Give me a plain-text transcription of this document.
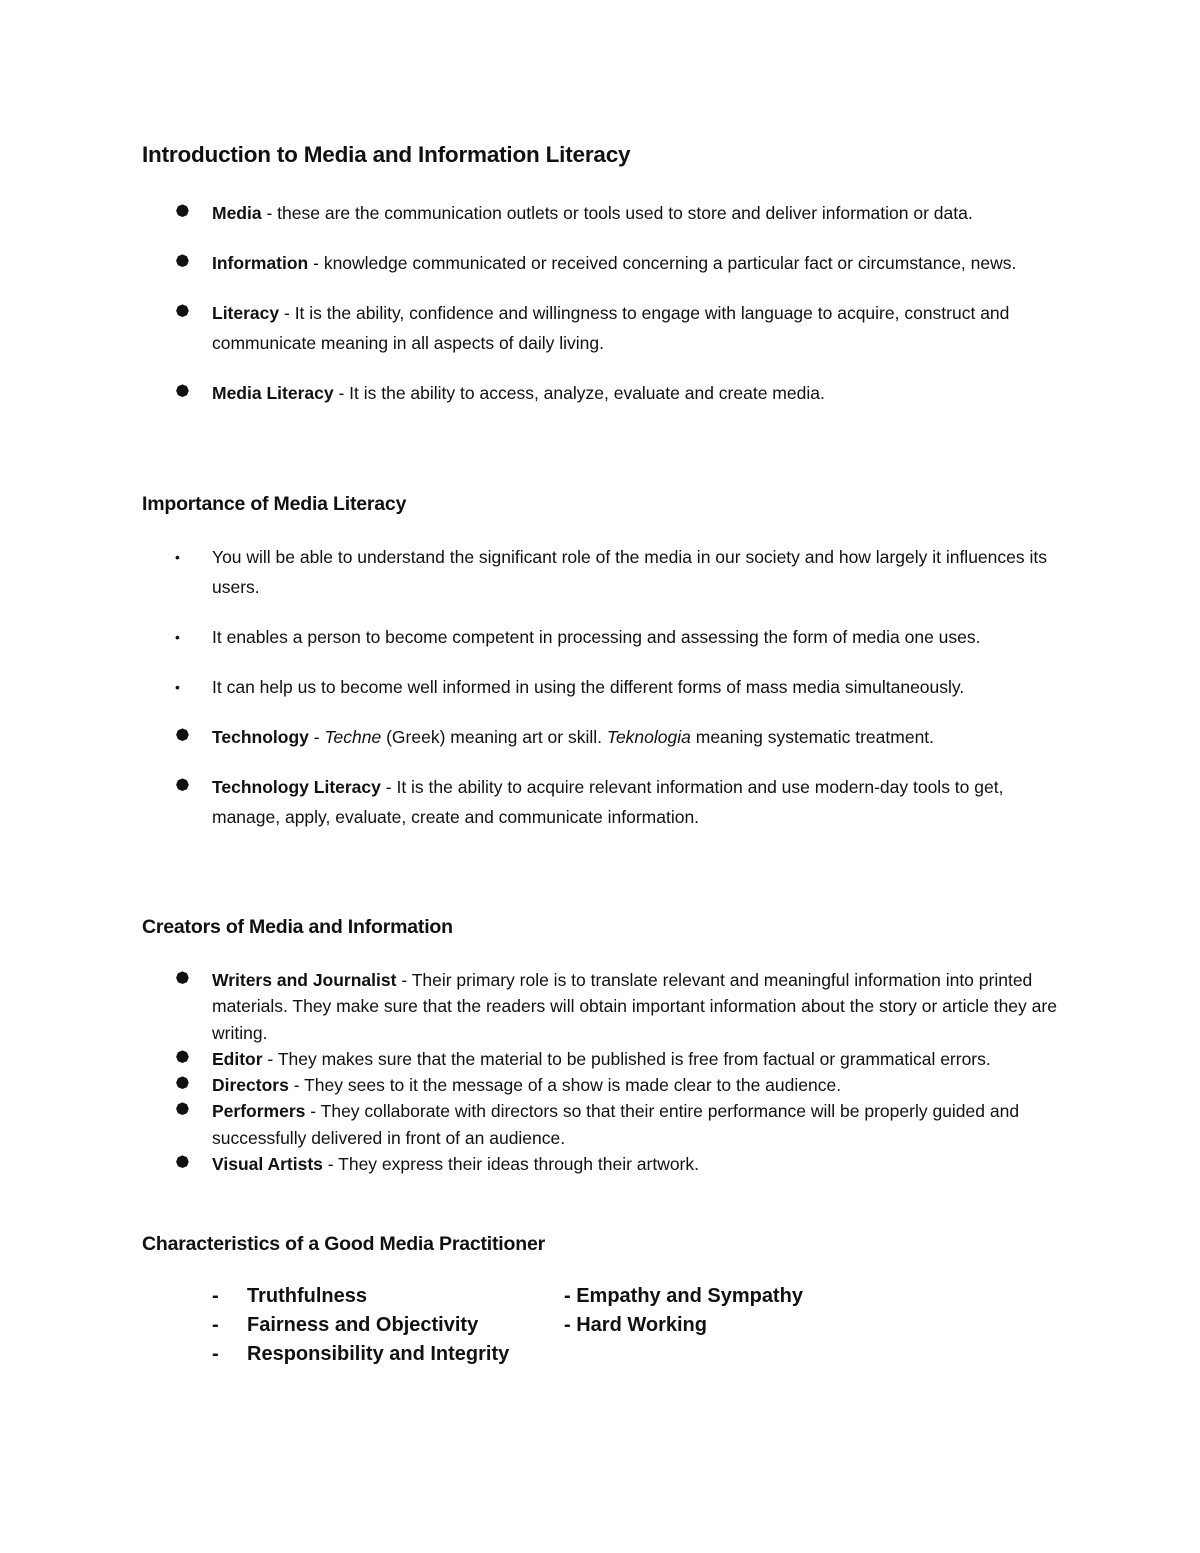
Introduction to Media and Information Literacy
⯄ Media - these are the communication outlets or tools used to store and deliver information or data.
⯄ Information - knowledge communicated or received concerning a particular fact or circumstance, news.
⯄ Literacy - It is the ability, confidence and willingness to engage with language to acquire, construct and communicate meaning in all aspects of daily living.
⯄ Media Literacy - It is the ability to access, analyze, evaluate and create media.
Importance of Media Literacy
• You will be able to understand the significant role of the media in our society and how largely it influences its users.
• It enables a person to become competent in processing and assessing the form of media one uses.
• It can help us to become well informed in using the different forms of mass media simultaneously.
⯄ Technology - Techne (Greek) meaning art or skill. Teknologia meaning systematic treatment.
⯄ Technology Literacy - It is the ability to acquire relevant information and use modern-day tools to get, manage, apply, evaluate, create and communicate information.
Creators of Media and Information
⯄ Writers and Journalist - Their primary role is to translate relevant and meaningful information into printed materials. They make sure that the readers will obtain important information about the story or article they are writing.
⯄ Editor - They makes sure that the material to be published is free from factual or grammatical errors.
⯄ Directors - They sees to it the message of a show is made clear to the audience.
⯄ Performers - They collaborate with directors so that their entire performance will be properly guided and successfully delivered in front of an audience.
⯄ Visual Artists - They express their ideas through their artwork.
Characteristics of a Good Media Practitioner
- Truthfulness	- Empathy and Sympathy
- Fairness and Objectivity	- Hard Working
- Responsibility and Integrity
